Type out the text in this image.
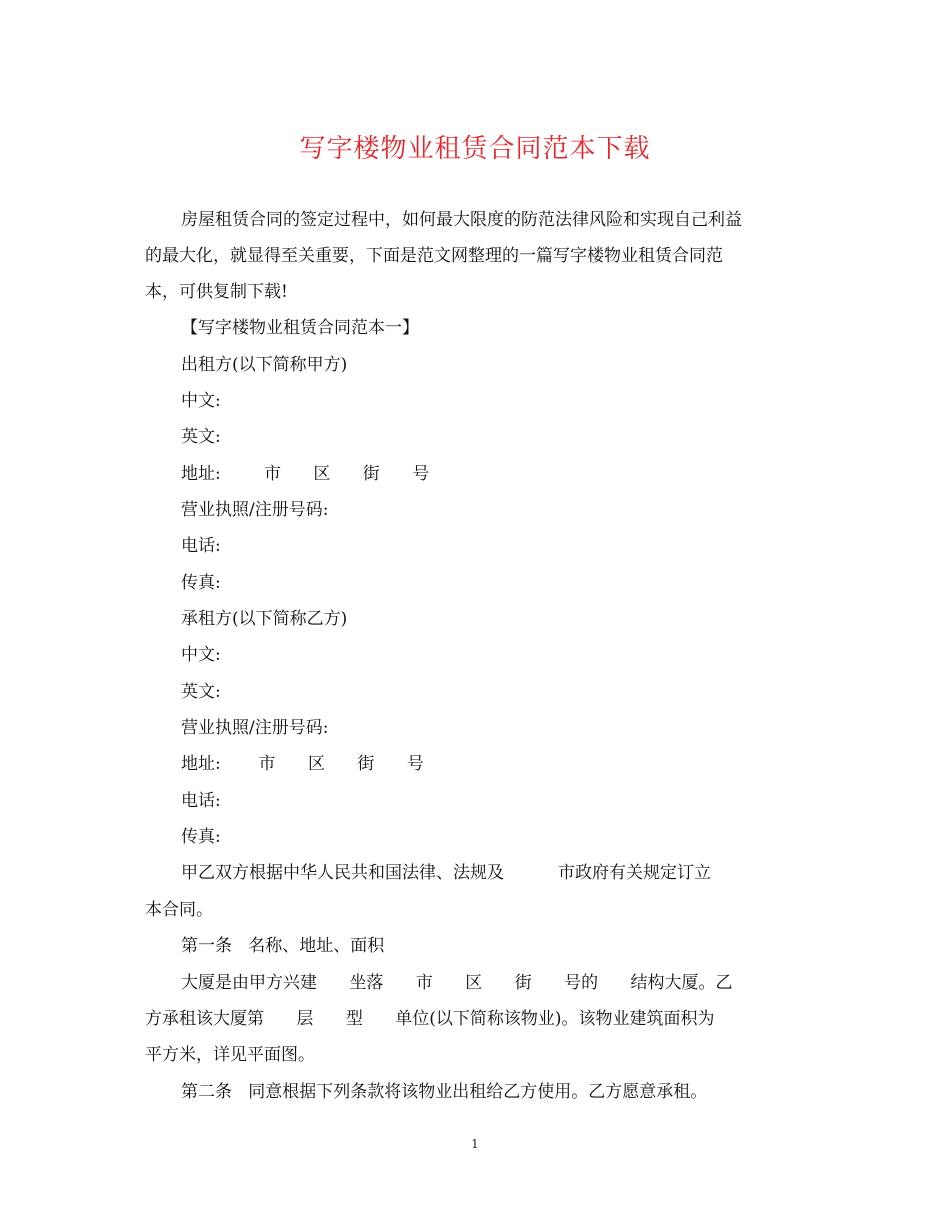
写字楼物业租赁合同范本下载

房屋租赁合同的签定过程中，如何最大限度的防范法律风险和实现自己利益

的最大化，就显得至关重要，下面是范文网整理的一篇写字楼物业租赁合同范

本，可供复制下载!

【写字楼物业租赁合同范本一】

出租方(以下简称甲方)

中文:

英文:

地址:        市      区      街      号

营业执照/注册号码:

电话:

传真:

承租方(以下简称乙方)

中文:

英文:

营业执照/注册号码:

地址:       市      区      街      号

电话:

传真:

甲乙双方根据中华人民共和国法律、法规及          市政府有关规定订立

本合同。

第一条   名称、地址、面积

大厦是由甲方兴建      坐落      市      区      街      号的      结构大厦。乙

方承租该大厦第      层      型      单位(以下简称该物业)。该物业建筑面积为

平方米，详见平面图。

第二条   同意根据下列条款将该物业出租给乙方使用。乙方愿意承租。

1
